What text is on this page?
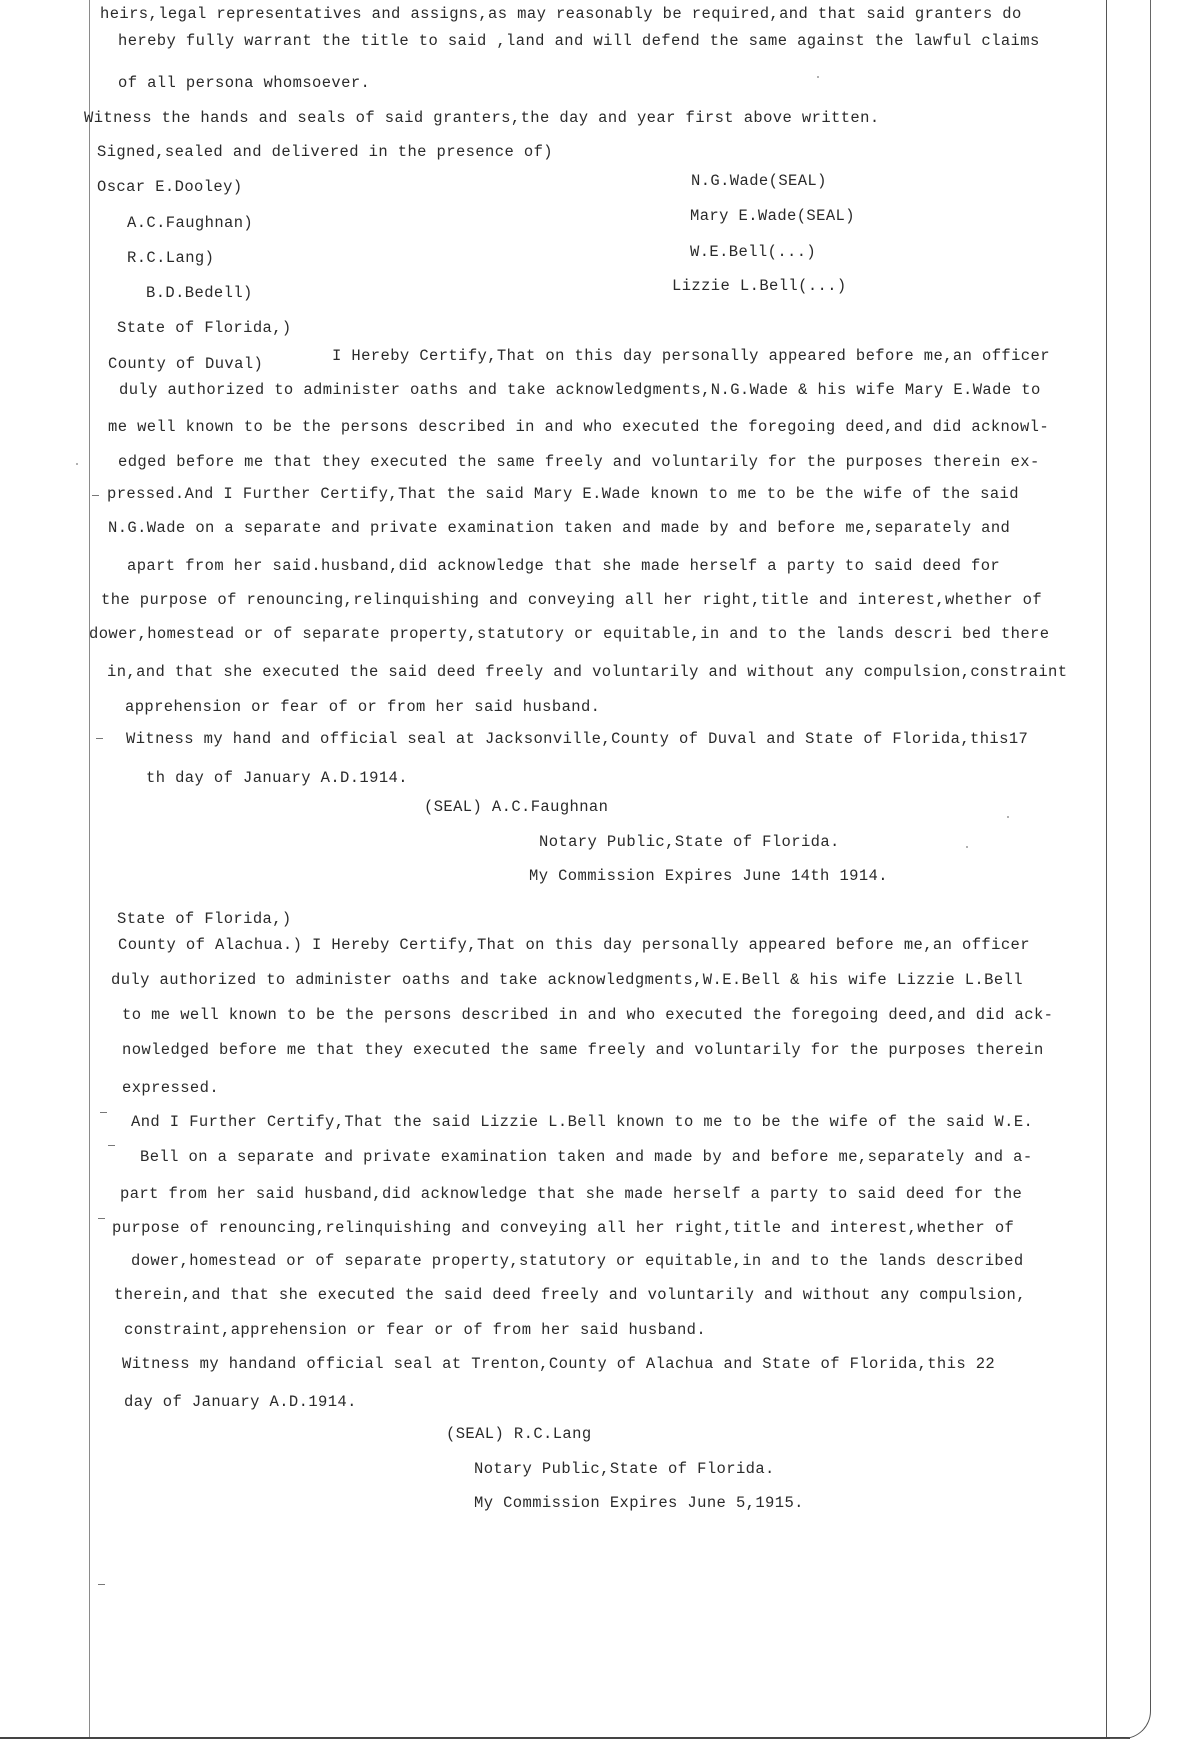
heirs,legal representatives and assigns,as may reasonably be required,and that said granters do
hereby fully warrant the title to said ,land and will defend the same against the lawful claims
of all persona whomsoever.
Witness the hands and seals of said granters,the day and year first above written.
Signed,sealed and delivered in the presence of)
Oscar E.Dooley)
A.C.Faughnan)
R.C.Lang)
B.D.Bedell)
N.G.Wade(SEAL)
Mary E.Wade(SEAL)
W.E.Bell(...)
Lizzie L.Bell(...)
State of Florida,)
County of Duval)	I Hereby Certify,That on this day personally appeared before me,an officer
duly authorized to administer oaths and take acknowledgments,N.G.Wade & his wife Mary E.Wade to
me well known to be the persons described in and who executed the foregoing deed,and did acknowl-
edged before me that they executed the same freely and voluntarily for the purposes therein ex-
pressed.And I Further Certify,That the said Mary E.Wade known to me to be the wife of the said
N.G.Wade on a separate and private examination taken and made by and before me,separately and
apart from her said.husband,did acknowledge that she made herself a party to said deed for
the purpose of renouncing,relinquishing and conveying all her right,title and interest,whether of
dower,homestead or of separate property,statutory or equitable,in and to the lands descri bed there
in,and that she executed the said deed freely and voluntarily and without any compulsion,constraint
apprehension or fear of or from her said husband.
Witness my hand and official seal at Jacksonville,County of Duval and State of Florida,this17
th day of January A.D.1914.
(SEAL) A.C.Faughnan
Notary Public,State of Florida.
My Commission Expires June 14th 1914.
State of Florida,)
County of Alachua.) I Hereby Certify,That on this day personally appeared before me,an officer
duly authorized to administer oaths and take acknowledgments,W.E.Bell & his wife Lizzie L.Bell
to me well known to be the persons described in and who executed the foregoing deed,and did ack-
nowledged before me that they executed the same freely and voluntarily for the purposes therein
expressed.
And I Further Certify,That the said Lizzie L.Bell known to me to be the wife of the said W.E.
Bell on a separate and private examination taken and made by and before me,separately and a-
part from her said husband,did acknowledge that she made herself a party to said deed for the
purpose of renouncing,relinquishing and conveying all her right,title and interest,whether of
dower,homestead or of separate property,statutory or equitable,in and to the lands described
therein,and that she executed the said deed freely and voluntarily and without any compulsion,
constraint,apprehension or fear or of from her said husband.
Witness my handand official seal at Trenton,County of Alachua and State of Florida,this 22
day of January A.D.1914.
(SEAL) R.C.Lang
Notary Public,State of Florida.
My Commission Expires June 5,1915.
